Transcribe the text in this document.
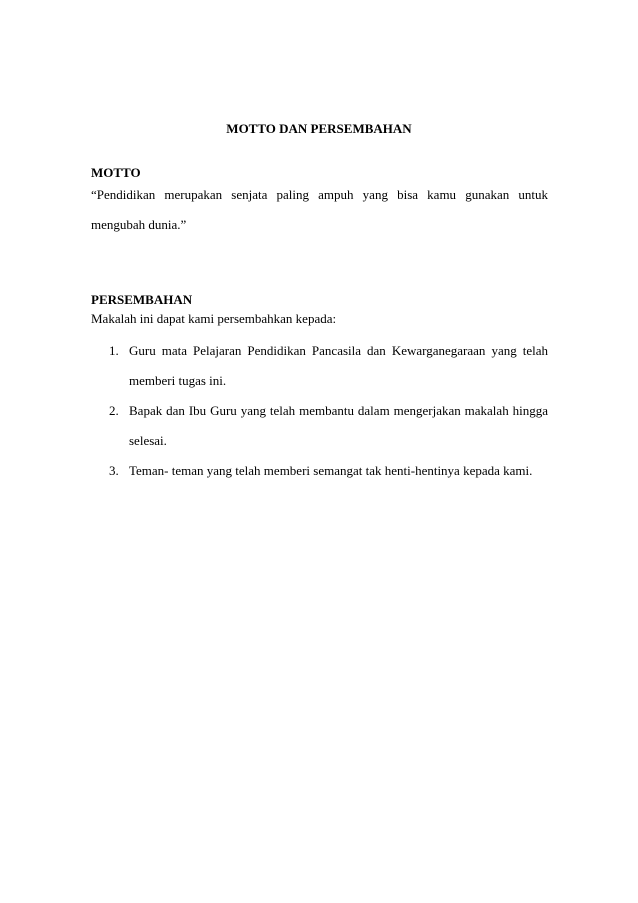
MOTTO DAN PERSEMBAHAN
MOTTO
“Pendidikan merupakan senjata paling ampuh yang bisa kamu gunakan untuk
mengubah dunia.”
PERSEMBAHAN
Makalah ini dapat kami persembahkan kepada:
1. Guru mata Pelajaran Pendidikan Pancasila dan Kewarganegaraan yang telah
memberi tugas ini.
2. Bapak dan Ibu Guru yang telah membantu dalam mengerjakan makalah hingga
selesai.
3. Teman- teman yang telah memberi semangat tak henti-hentinya kepada kami.
